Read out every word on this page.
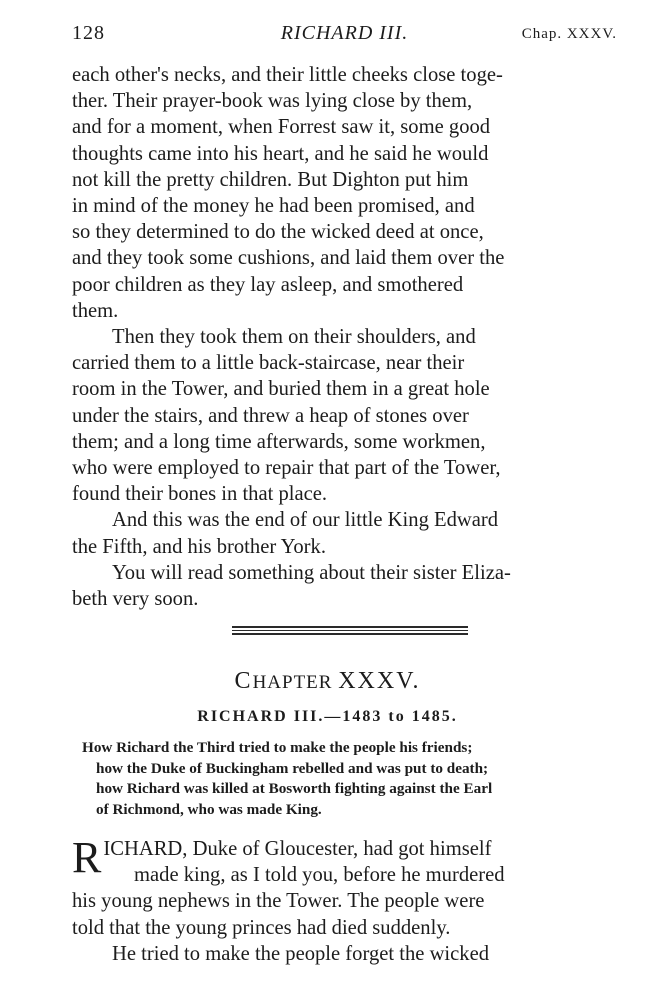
128	RICHARD III.	Chap. XXXV.

each other's necks, and their little cheeks close toge-
ther. Their prayer-book was lying close by them,
and for a moment, when Forrest saw it, some good
thoughts came into his heart, and he said he would
not kill the pretty children. But Dighton put him
in mind of the money he had been promised, and
so they determined to do the wicked deed at once,
and they took some cushions, and laid them over the
poor children as they lay asleep, and smothered
them.

Then they took them on their shoulders, and
carried them to a little back-staircase, near their
room in the Tower, and buried them in a great hole
under the stairs, and threw a heap of stones over
them; and a long time afterwards, some workmen,
who were employed to repair that part of the Tower,
found their bones in that place.

And this was the end of our little King Edward
the Fifth, and his brother York.

You will read something about their sister Eliza-
beth very soon.

CHAPTER XXXV.
RICHARD III.—1483 to 1485.
How Richard the Third tried to make the people his friends;
how the Duke of Buckingham rebelled and was put to death;
how Richard was killed at Bosworth fighting against the Earl
of Richmond, who was made King.

R ICHARD, Duke of Gloucester, had got himself
made king, as I told you, before he murdered
his young nephews in the Tower. The people were
told that the young princes had died suddenly.

He tried to make the people forget the wicked
